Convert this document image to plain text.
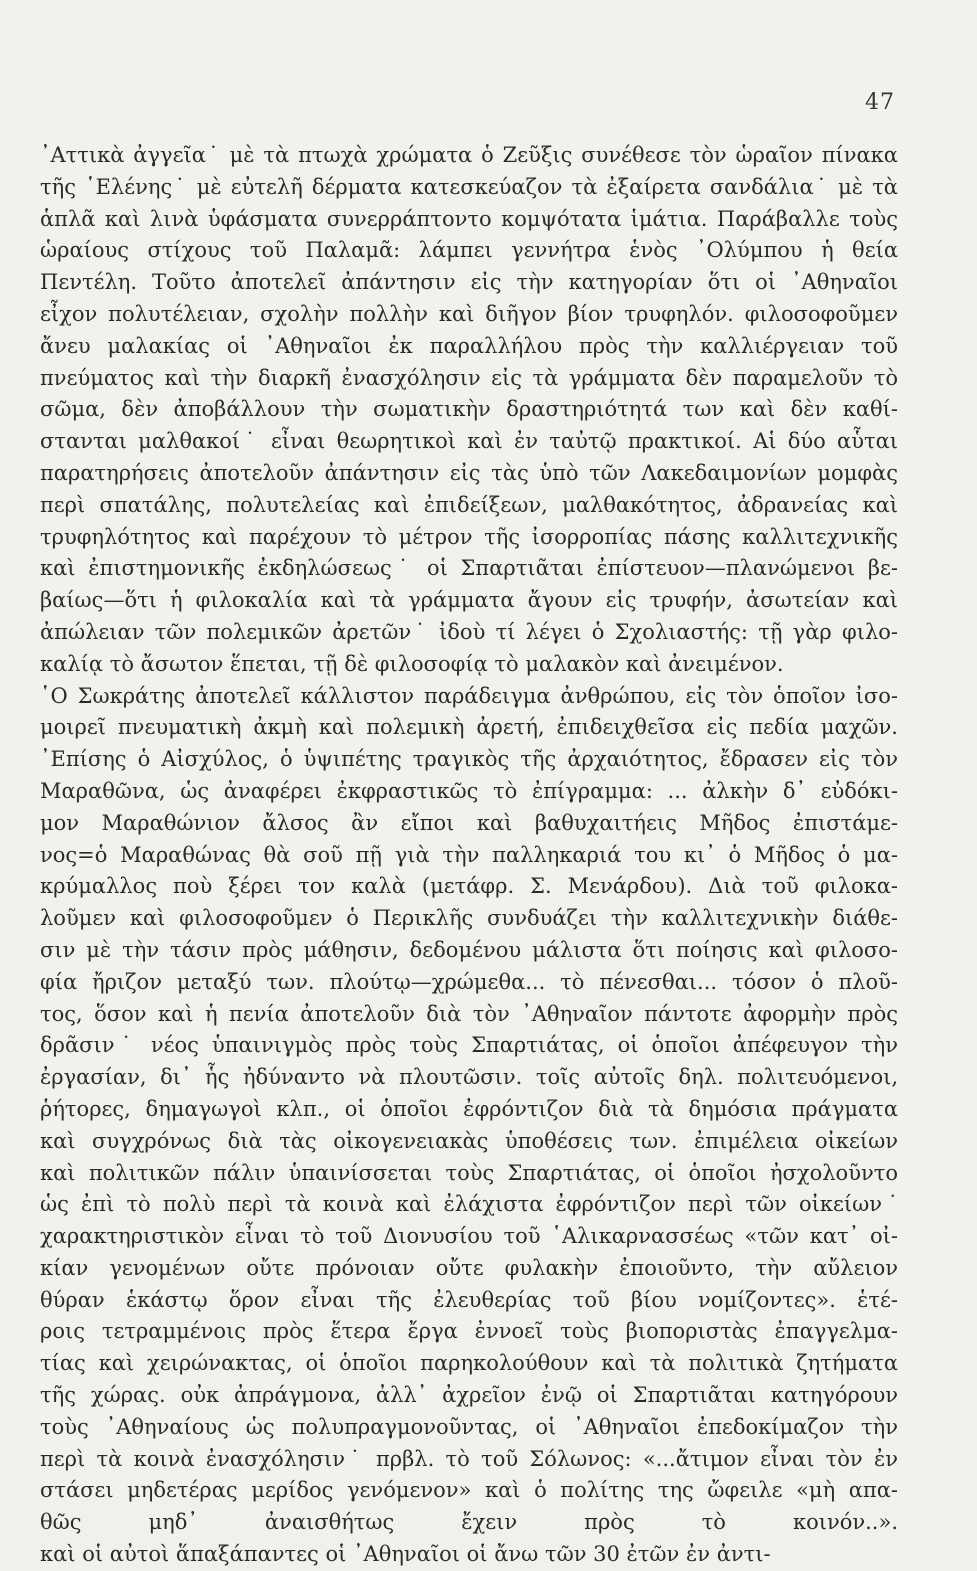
47
᾿Αττικὰ ἀγγεῖα˙ μὲ τὰ πτωχὰ χρώματα ὁ Ζεῦξις συνέθεσε τὸν ὡραῖον πίνακα
τῆς ῾Ελένης˙ μὲ εὐτελῆ δέρματα κατεσκεύαζον τὰ ἐξαίρετα σανδάλια˙ μὲ τὰ
ἁπλᾶ καὶ λινὰ ὑφάσματα συνερράπτοντο κομψότατα ἱμάτια. Παράβαλλε τοὺς
ὡραίους στίχους τοῦ Παλαμᾶ: λάμπει γεννήτρα ἑνὸς ᾿Ολύμπου ἡ θεία
Πεντέλη. Τοῦτο ἀποτελεῖ ἀπάντησιν εἰς τὴν κατηγορίαν ὅτι οἱ ᾿Αθηναῖοι
εἶχον πολυτέλειαν, σχολὴν πολλὴν καὶ διῆγον βίον τρυφηλόν. φιλοσοφοῦμεν
ἄνευ μαλακίας οἱ ᾿Αθηναῖοι ἐκ παραλλήλου πρὸς τὴν καλλιέργειαν τοῦ
πνεύματος καὶ τὴν διαρκῆ ἐνασχόλησιν εἰς τὰ γράμματα δὲν παραμελοῦν τὸ
σῶμα, δὲν ἀποβάλλουν τὴν σωματικὴν δραστηριότητά των καὶ δὲν καθί-
στανται μαλθακοί˙ εἶναι θεωρητικοὶ καὶ ἐν ταὐτῷ πρακτικοί. Αἱ δύο αὗται
παρατηρήσεις ἀποτελοῦν ἀπάντησιν εἰς τὰς ὑπὸ τῶν Λακεδαιμονίων μομφὰς
περὶ σπατάλης, πολυτελείας καὶ ἐπιδείξεων, μαλθακότητος, ἀδρανείας καὶ
τρυφηλότητος καὶ παρέχουν τὸ μέτρον τῆς ἰσορροπίας πάσης καλλιτεχνικῆς
καὶ ἐπιστημονικῆς ἐκδηλώσεως˙ οἱ Σπαρτιᾶται ἐπίστευον—πλανώμενοι βε-
βαίως—ὅτι ἡ φιλοκαλία καὶ τὰ γράμματα ἄγουν εἰς τρυφήν, ἀσωτείαν καὶ
ἀπώλειαν τῶν πολεμικῶν ἀρετῶν˙ ἰδοὺ τί λέγει ὁ Σχολιαστής: τῇ γὰρ φιλο-
καλίᾳ τὸ ἄσωτον ἕπεται, τῇ δὲ φιλοσοφίᾳ τὸ μαλακὸν καὶ ἀνειμένον.
῾Ο Σωκράτης ἀποτελεῖ κάλλιστον παράδειγμα ἀνθρώπου, εἰς τὸν ὁποῖον ἰσο-
μοιρεῖ πνευματικὴ ἀκμὴ καὶ πολεμικὴ ἀρετή, ἐπιδειχθεῖσα εἰς πεδία μαχῶν.
᾿Επίσης ὁ Αἰσχύλος, ὁ ὑψιπέτης τραγικὸς τῆς ἀρχαιότητος, ἔδρασεν εἰς τὸν
Μαραθῶνα, ὡς ἀναφέρει ἐκφραστικῶς τὸ ἐπίγραμμα: ... ἀλκὴν δ᾿ εὐδόκι-
μον Μαραθώνιον ἄλσος ἂν εἴποι καὶ βαθυχαιτήεις Μῆδος ἐπιστάμε-
νος=ὁ Μαραθώνας θὰ σοῦ πῇ γιὰ τὴν παλληκαριά του κι᾿ ὁ Μῆδος ὁ μα-
κρύμαλλος ποὺ ξέρει τον καλὰ (μετάφρ. Σ. Μενάρδου). Διὰ τοῦ φιλοκα-
λοῦμεν καὶ φιλοσοφοῦμεν ὁ Περικλῆς συνδυάζει τὴν καλλιτεχνικὴν διάθε-
σιν μὲ τὴν τάσιν πρὸς μάθησιν, δεδομένου μάλιστα ὅτι ποίησις καὶ φιλοσο-
φία ἤριζον μεταξύ των. πλούτῳ—χρώμεθα... τὸ πένεσθαι... τόσον ὁ πλοῦ-
τος, ὅσον καὶ ἡ πενία ἀποτελοῦν διὰ τὸν ᾿Αθηναῖον πάντοτε ἀφορμὴν πρὸς
δρᾶσιν˙ νέος ὑπαινιγμὸς πρὸς τοὺς Σπαρτιάτας, οἱ ὁποῖοι ἀπέφευγον τὴν
ἐργασίαν, δι᾿ ἧς ἠδύναντο νὰ πλουτῶσιν. τοῖς αὐτοῖς δηλ. πολιτευόμενοι,
ῥήτορες, δημαγωγοὶ κλπ., οἱ ὁποῖοι ἐφρόντιζον διὰ τὰ δημόσια πράγματα
καὶ συγχρόνως διὰ τὰς οἰκογενειακὰς ὑποθέσεις των. ἐπιμέλεια οἰκείων
καὶ πολιτικῶν πάλιν ὑπαινίσσεται τοὺς Σπαρτιάτας, οἱ ὁποῖοι ἠσχολοῦντο
ὡς ἐπὶ τὸ πολὺ περὶ τὰ κοινὰ καὶ ἐλάχιστα ἐφρόντιζον περὶ τῶν οἰκείων˙
χαρακτηριστικὸν εἶναι τὸ τοῦ Διονυσίου τοῦ ῾Αλικαρνασσέως «τῶν κατ᾿ οἰ-
κίαν γενομένων οὔτε πρόνοιαν οὔτε φυλακὴν ἐποιοῦντο, τὴν αὔλειον
θύραν ἑκάστῳ ὅρον εἶναι τῆς ἐλευθερίας τοῦ βίου νομίζοντες». ἑτέ-
ροις τετραμμένοις πρὸς ἕτερα ἔργα ἐννοεῖ τοὺς βιοποριστὰς ἐπαγγελμα-
τίας καὶ χειρώνακτας, οἱ ὁποῖοι παρηκολούθουν καὶ τὰ πολιτικὰ ζητήματα
τῆς χώρας. οὐκ ἀπράγμονα, ἀλλ᾿ ἀχρεῖον ἐνῷ οἱ Σπαρτιᾶται κατηγόρουν
τοὺς ᾿Αθηναίους ὡς πολυπραγμονοῦντας, οἱ ᾿Αθηναῖοι ἐπεδοκίμαζον τὴν
περὶ τὰ κοινὰ ἐνασχόλησιν˙ πρβλ. τὸ τοῦ Σόλωνος: «...ἄτιμον εἶναι τὸν ἐν
στάσει μηδετέρας μερίδος γενόμενον» καὶ ὁ πολίτης της ὤφειλε «μὴ απα-
θῶς μηδ᾿ ἀναισθήτως ἔχειν πρὸς τὸ κοινόν..».
καὶ οἱ αὐτοὶ ἅπαξάπαντες οἱ ᾿Αθηναῖοι οἱ ἄνω τῶν 30 ἐτῶν ἐν ἀντι-
